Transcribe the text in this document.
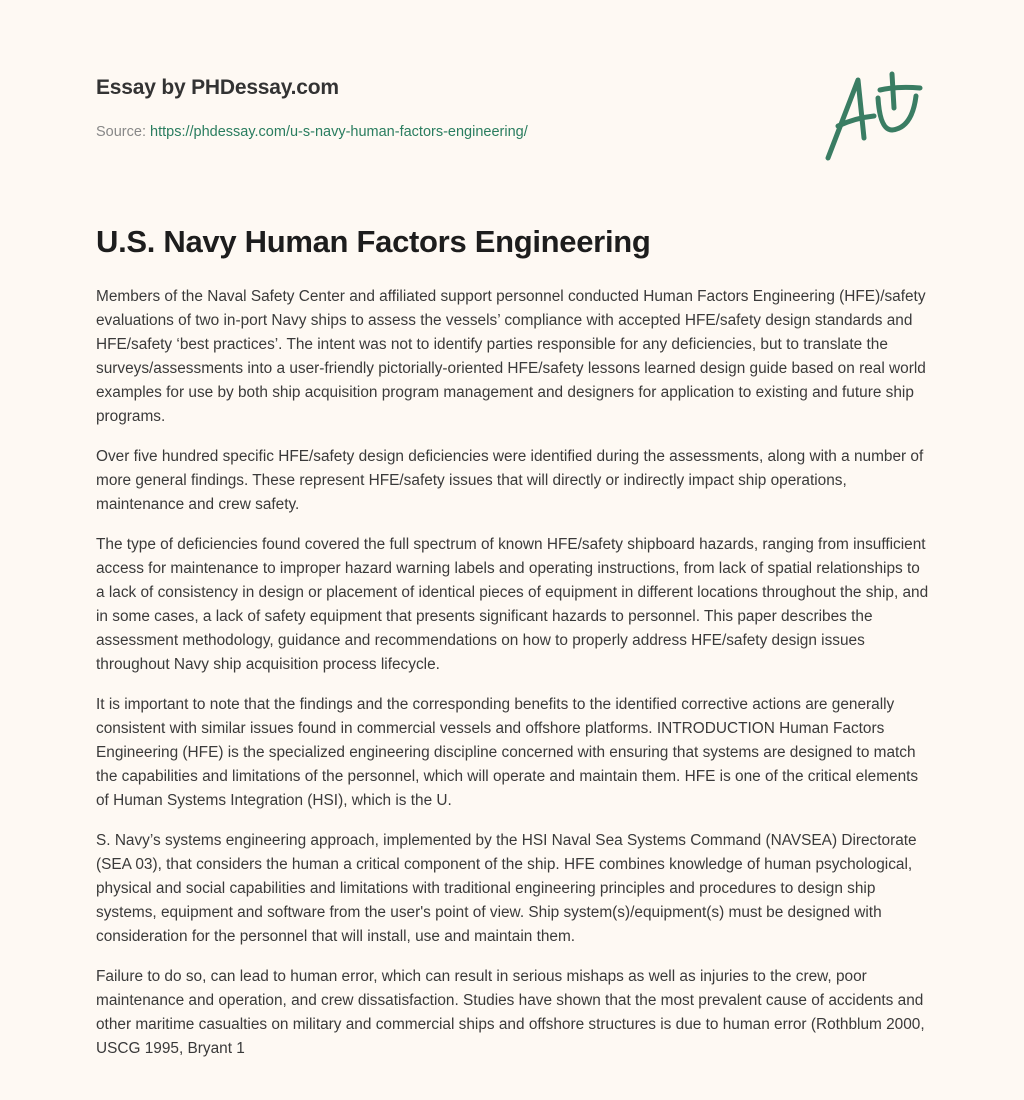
Essay by PHDessay.com
Source: https://phdessay.com/u-s-navy-human-factors-engineering/
U.S. Navy Human Factors Engineering

Members of the Naval Safety Center and affiliated support personnel conducted Human Factors Engineering (HFE)/safety evaluations of two in-port Navy ships to assess the vessels’ compliance with accepted HFE/safety design standards and HFE/safety ‘best practices’. The intent was not to identify parties responsible for any deficiencies, but to translate the surveys/assessments into a user-friendly pictorially-oriented HFE/safety lessons learned design guide based on real world examples for use by both ship acquisition program management and designers for application to existing and future ship programs.

Over five hundred specific HFE/safety design deficiencies were identified during the assessments, along with a number of more general findings. These represent HFE/safety issues that will directly or indirectly impact ship operations, maintenance and crew safety.

The type of deficiencies found covered the full spectrum of known HFE/safety shipboard hazards, ranging from insufficient access for maintenance to improper hazard warning labels and operating instructions, from lack of spatial relationships to a lack of consistency in design or placement of identical pieces of equipment in different locations throughout the ship, and in some cases, a lack of safety equipment that presents significant hazards to personnel. This paper describes the assessment methodology, guidance and recommendations on how to properly address HFE/safety design issues throughout Navy ship acquisition process lifecycle.

It is important to note that the findings and the corresponding benefits to the identified corrective actions are generally consistent with similar issues found in commercial vessels and offshore platforms. INTRODUCTION Human Factors Engineering (HFE) is the specialized engineering discipline concerned with ensuring that systems are designed to match the capabilities and limitations of the personnel, which will operate and maintain them. HFE is one of the critical elements of Human Systems Integration (HSI), which is the U.

S. Navy’s systems engineering approach, implemented by the HSI Naval Sea Systems Command (NAVSEA) Directorate (SEA 03), that considers the human a critical component of the ship. HFE combines knowledge of human psychological, physical and social capabilities and limitations with traditional engineering principles and procedures to design ship systems, equipment and software from the user's point of view. Ship system(s)/equipment(s) must be designed with consideration for the personnel that will install, use and maintain them.

Failure to do so, can lead to human error, which can result in serious mishaps as well as injuries to the crew, poor maintenance and operation, and crew dissatisfaction. Studies have shown that the most prevalent cause of accidents and other maritime casualties on military and commercial ships and offshore structures is due to human error (Rothblum 2000, USCG 1995, Bryant 1
